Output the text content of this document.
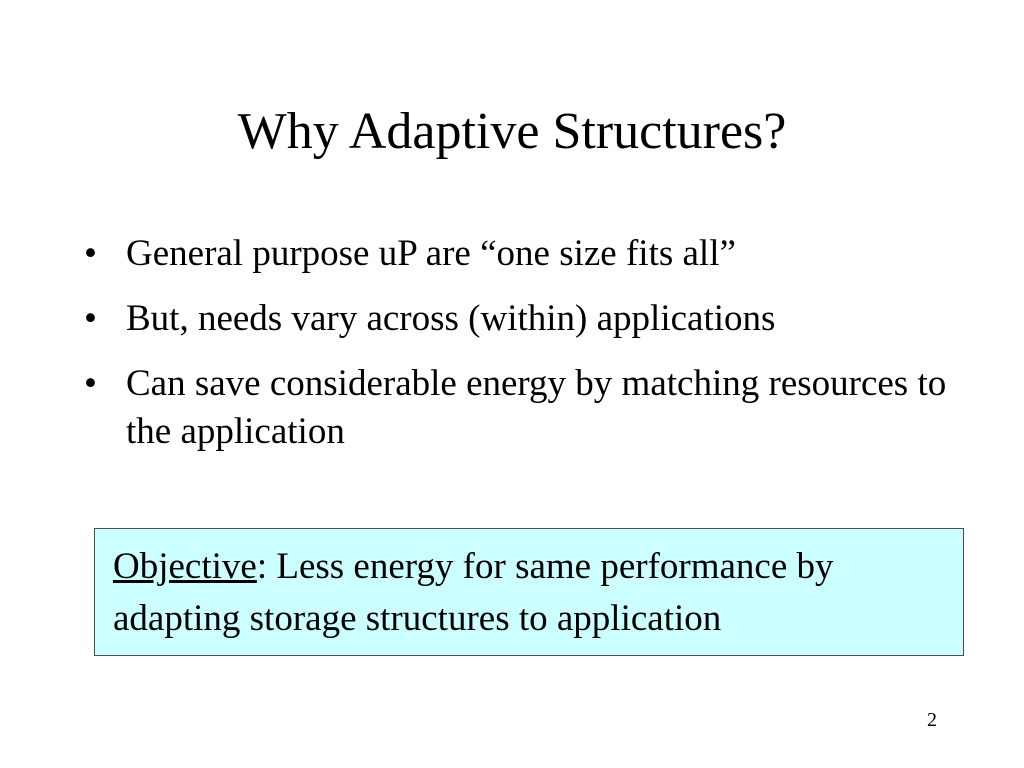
Why Adaptive Structures?
• General purpose uP are “one size fits all”
• But, needs vary across (within) applications
• Can save considerable energy by matching resources to the application
Objective: Less energy for same performance by adapting storage structures to application
2
